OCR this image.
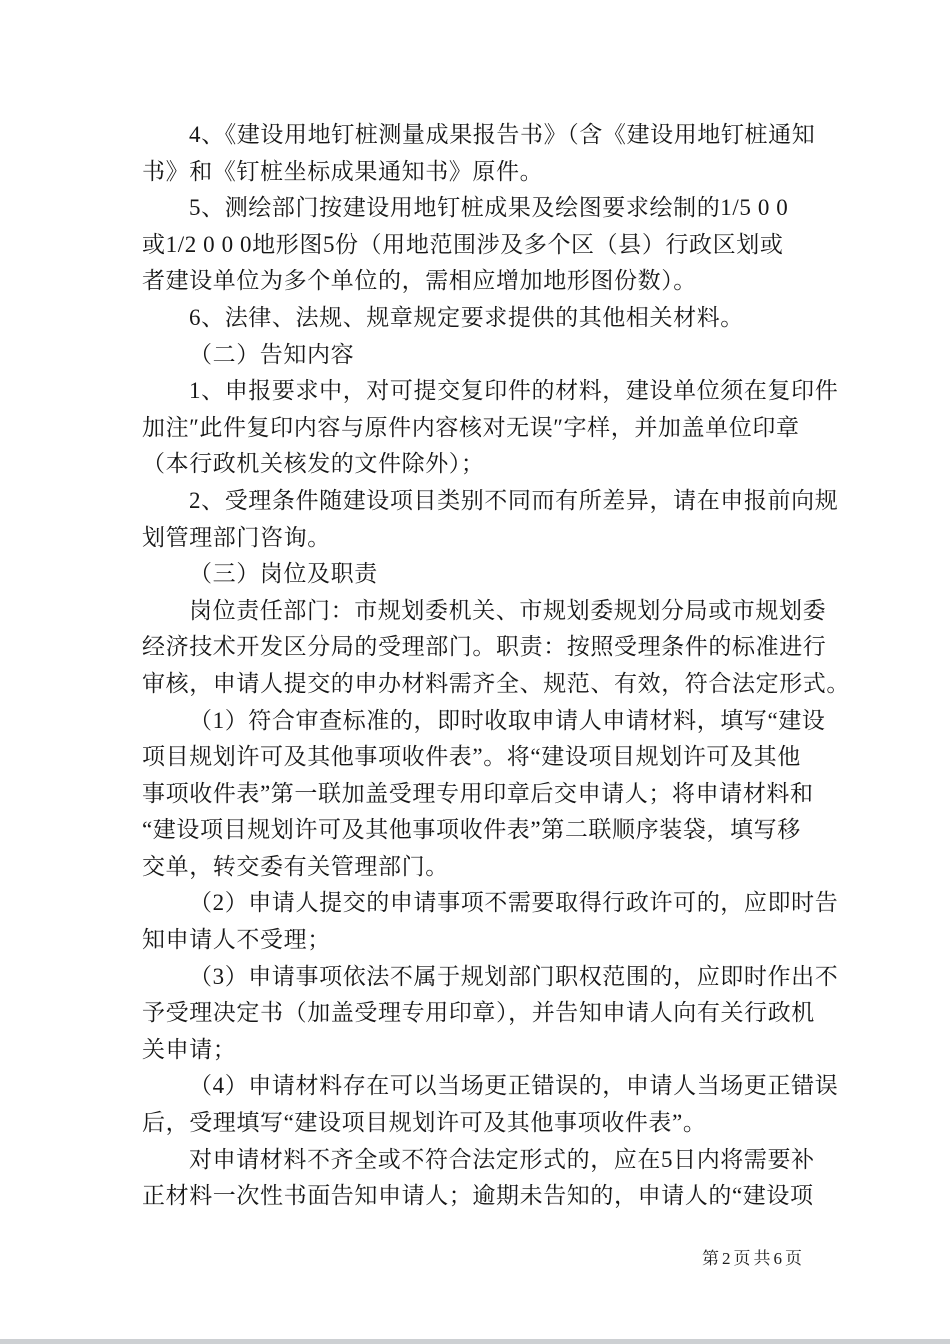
4、《建设用地钉桩测量成果报告书》（含《建设用地钉桩通知
书》和《钉桩坐标成果通知书》原件。
5、测绘部门按建设用地钉桩成果及绘图要求绘制的1/5 0 0
或1/2 0 0 0地形图5份（用地范围涉及多个区（县）行政区划或
者建设单位为多个单位的，需相应增加地形图份数）。
6、法律、法规、规章规定要求提供的其他相关材料。
（二）告知内容
1、申报要求中，对可提交复印件的材料，建设单位须在复印件
加注″此件复印内容与原件内容核对无误″字样，并加盖单位印章
（本行政机关核发的文件除外）；
2、受理条件随建设项目类别不同而有所差异，请在申报前向规
划管理部门咨询。
（三）岗位及职责
岗位责任部门：市规划委机关、市规划委规划分局或市规划委
经济技术开发区分局的受理部门。职责：按照受理条件的标准进行
审核，申请人提交的申办材料需齐全、规范、有效，符合法定形式。
（1）符合审查标准的，即时收取申请人申请材料，填写“建设
项目规划许可及其他事项收件表”。将“建设项目规划许可及其他
事项收件表”第一联加盖受理专用印章后交申请人；将申请材料和
“建设项目规划许可及其他事项收件表”第二联顺序装袋，填写移
交单，转交委有关管理部门。
（2）申请人提交的申请事项不需要取得行政许可的，应即时告
知申请人不受理；
（3）申请事项依法不属于规划部门职权范围的，应即时作出不
予受理决定书（加盖受理专用印章），并告知申请人向有关行政机
关申请；
（4）申请材料存在可以当场更正错误的，申请人当场更正错误
后，受理填写“建设项目规划许可及其他事项收件表”。
对申请材料不齐全或不符合法定形式的，应在5日内将需要补
正材料一次性书面告知申请人；逾期未告知的，申请人的“建设项
第2页共6页
